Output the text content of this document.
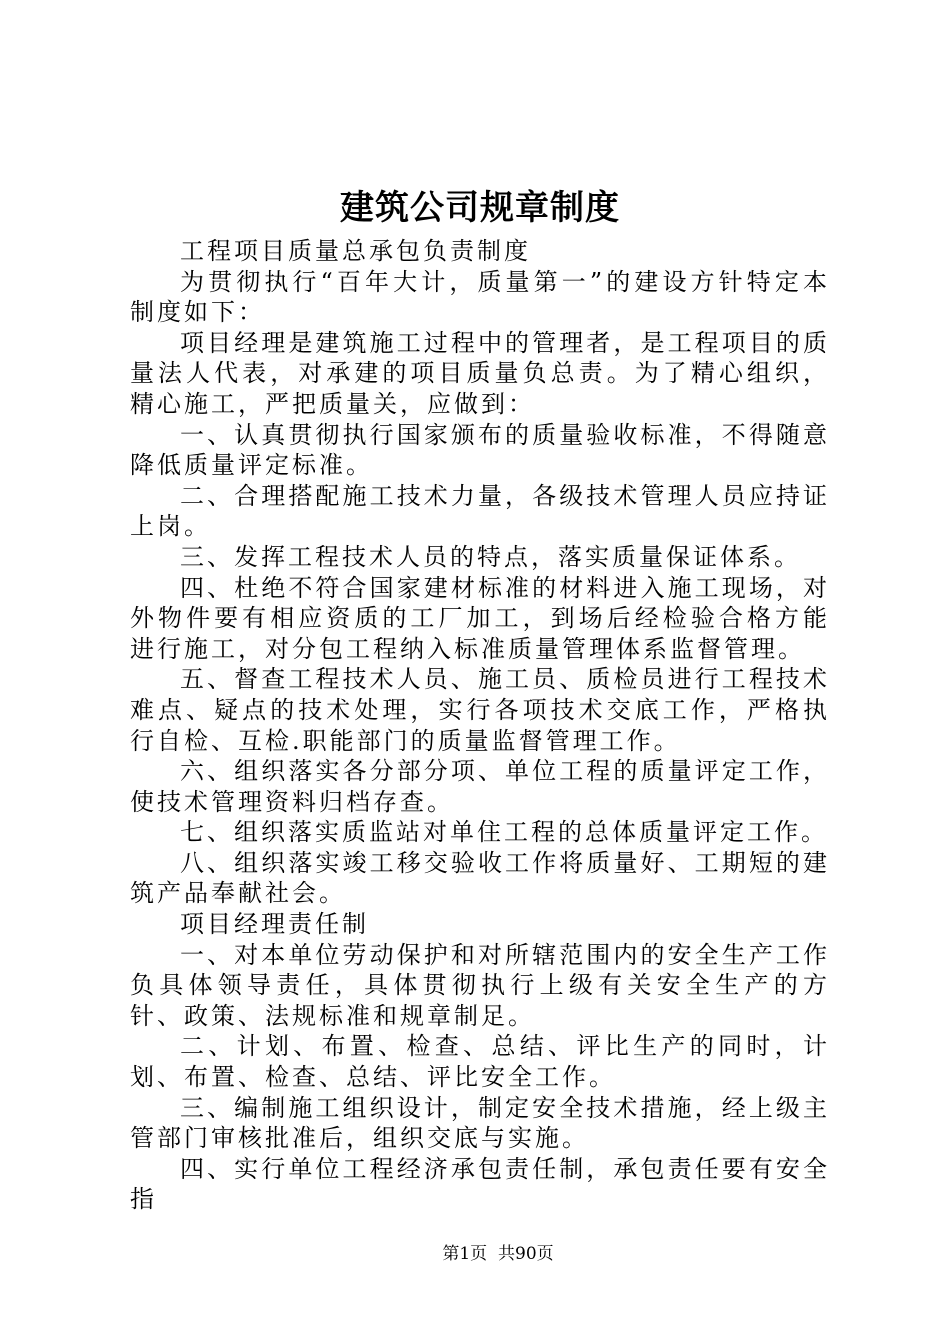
建筑公司规章制度

工程项目质量总承包负责制度

为贯彻执行“百年大计，质量第一”的建设方针特定本制度如下：

项目经理是建筑施工过程中的管理者，是工程项目的质量法人代表，对承建的项目质量负总责。为了精心组织，精心施工，严把质量关，应做到：

一、认真贯彻执行国家颁布的质量验收标准，不得随意降低质量评定标准。

二、合理搭配施工技术力量，各级技术管理人员应持证上岗。

三、发挥工程技术人员的特点，落实质量保证体系。

四、杜绝不符合国家建材标准的材料进入施工现场，对外物件要有相应资质的工厂加工，到场后经检验合格方能进行施工，对分包工程纳入标准质量管理体系监督管理。

五、督查工程技术人员、施工员、质检员进行工程技术难点、疑点的技术处理，实行各项技术交底工作，严格执行自检、互检.职能部门的质量监督管理工作。

六、组织落实各分部分项、单位工程的质量评定工作，使技术管理资料归档存查。

七、组织落实质监站对单住工程的总体质量评定工作。

八、组织落实竣工移交验收工作将质量好、工期短的建筑产品奉献社会。

项目经理责任制

一、对本单位劳动保护和对所辖范围内的安全生产工作负具体领导责任，具体贯彻执行上级有关安全生产的方针、政策、法规标准和规章制足。

二、计划、布置、检查、总结、评比生产的同时，计划、布置、检查、总结、评比安全工作。

三、编制施工组织设计，制定安全技术措施，经上级主管部门审核批准后，组织交底与实施。

四、实行单位工程经济承包责任制，承包责任要有安全指

第1页 共90页
